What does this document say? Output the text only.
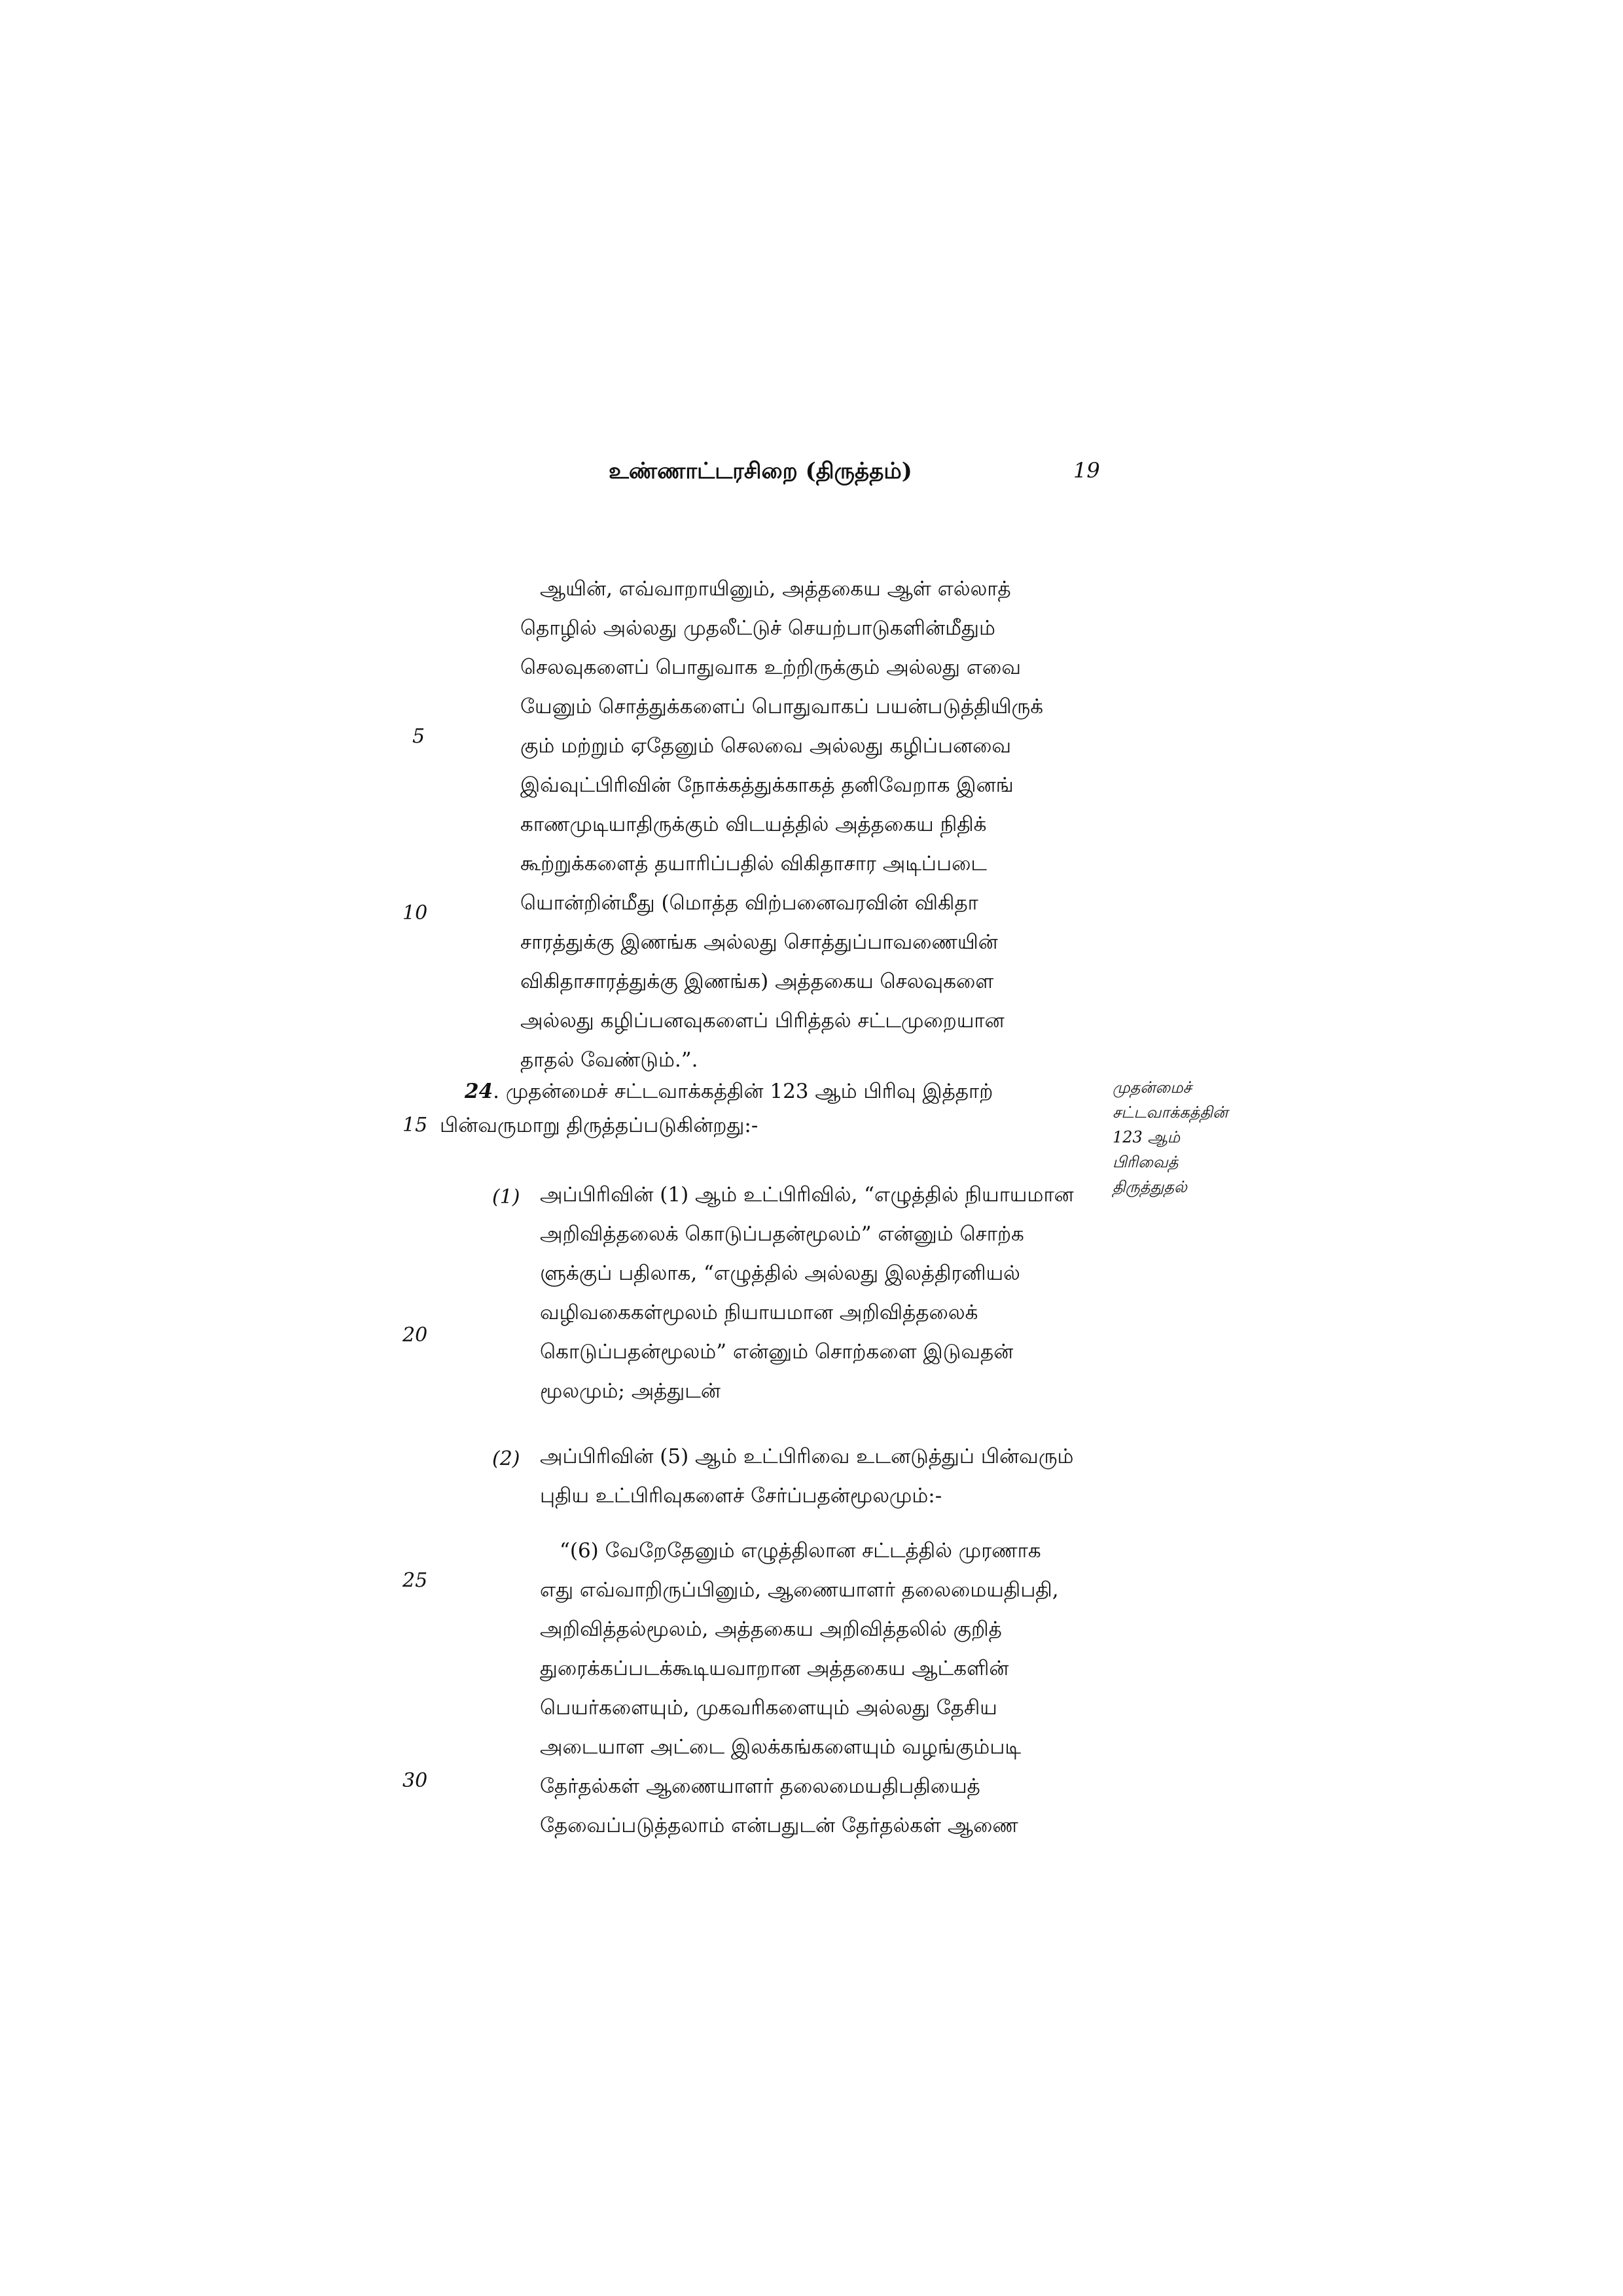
உண்ணாட்டரசிறை (திருத்தம்)	19
5
10
15
20
25
30
ஆயின், எவ்வாறாயினும், அத்தகைய ஆள் எல்லாத்
தொழில் அல்லது முதலீட்டுச் செயற்பாடுகளின்மீதும்
செலவுகளைப் பொதுவாக உற்றிருக்கும் அல்லது எவை
யேனும் சொத்துக்களைப் பொதுவாகப் பயன்படுத்தியிருக்
கும் மற்றும் ஏதேனும் செலவை அல்லது கழிப்பனவை
இவ்வுட்பிரிவின் நோக்கத்துக்காகத் தனிவேறாக இனங்
காணமுடியாதிருக்கும் விடயத்தில் அத்தகைய நிதிக்
கூற்றுக்களைத் தயாரிப்பதில் விகிதாசார அடிப்படை
யொன்றின்மீது (மொத்த விற்பனைவரவின் விகிதா
சாரத்துக்கு இணங்க அல்லது சொத்துப்பாவணையின்
விகிதாசாரத்துக்கு இணங்க) அத்தகைய செலவுகளை
அல்லது கழிப்பனவுகளைப் பிரித்தல் சட்டமுறையான
தாதல் வேண்டும்.”.
24. முதன்மைச் சட்டவாக்கத்தின் 123 ஆம் பிரிவு இத்தாற்
பின்வருமாறு திருத்தப்படுகின்றது:-
முதன்மைச்
சட்டவாக்கத்தின்
123 ஆம்
பிரிவைத்
திருத்துதல்
(1) அப்பிரிவின் (1) ஆம் உட்பிரிவில், “எழுத்தில் நியாயமான
அறிவித்தலைக் கொடுப்பதன்மூலம்” என்னும் சொற்க
ளுக்குப் பதிலாக, “எழுத்தில் அல்லது இலத்திரனியல்
வழிவகைகள்மூலம் நியாயமான அறிவித்தலைக்
கொடுப்பதன்மூலம்” என்னும் சொற்களை இடுவதன்
மூலமும்; அத்துடன்
(2) அப்பிரிவின் (5) ஆம் உட்பிரிவை உடனடுத்துப் பின்வரும்
புதிய உட்பிரிவுகளைச் சேர்ப்பதன்மூலமும்:-
“(6) வேறேதேனும் எழுத்திலான சட்டத்தில் முரணாக
எது எவ்வாறிருப்பினும், ஆணையாளர் தலைமையதிபதி,
அறிவித்தல்மூலம், அத்தகைய அறிவித்தலில் குறித்
துரைக்கப்படக்கூடியவாறான அத்தகைய ஆட்களின்
பெயர்களையும், முகவரிகளையும் அல்லது தேசிய
அடையாள அட்டை இலக்கங்களையும் வழங்கும்படி
தேர்தல்கள் ஆணையாளர் தலைமையதிபதியைத்
தேவைப்படுத்தலாம் என்பதுடன் தேர்தல்கள் ஆணை
